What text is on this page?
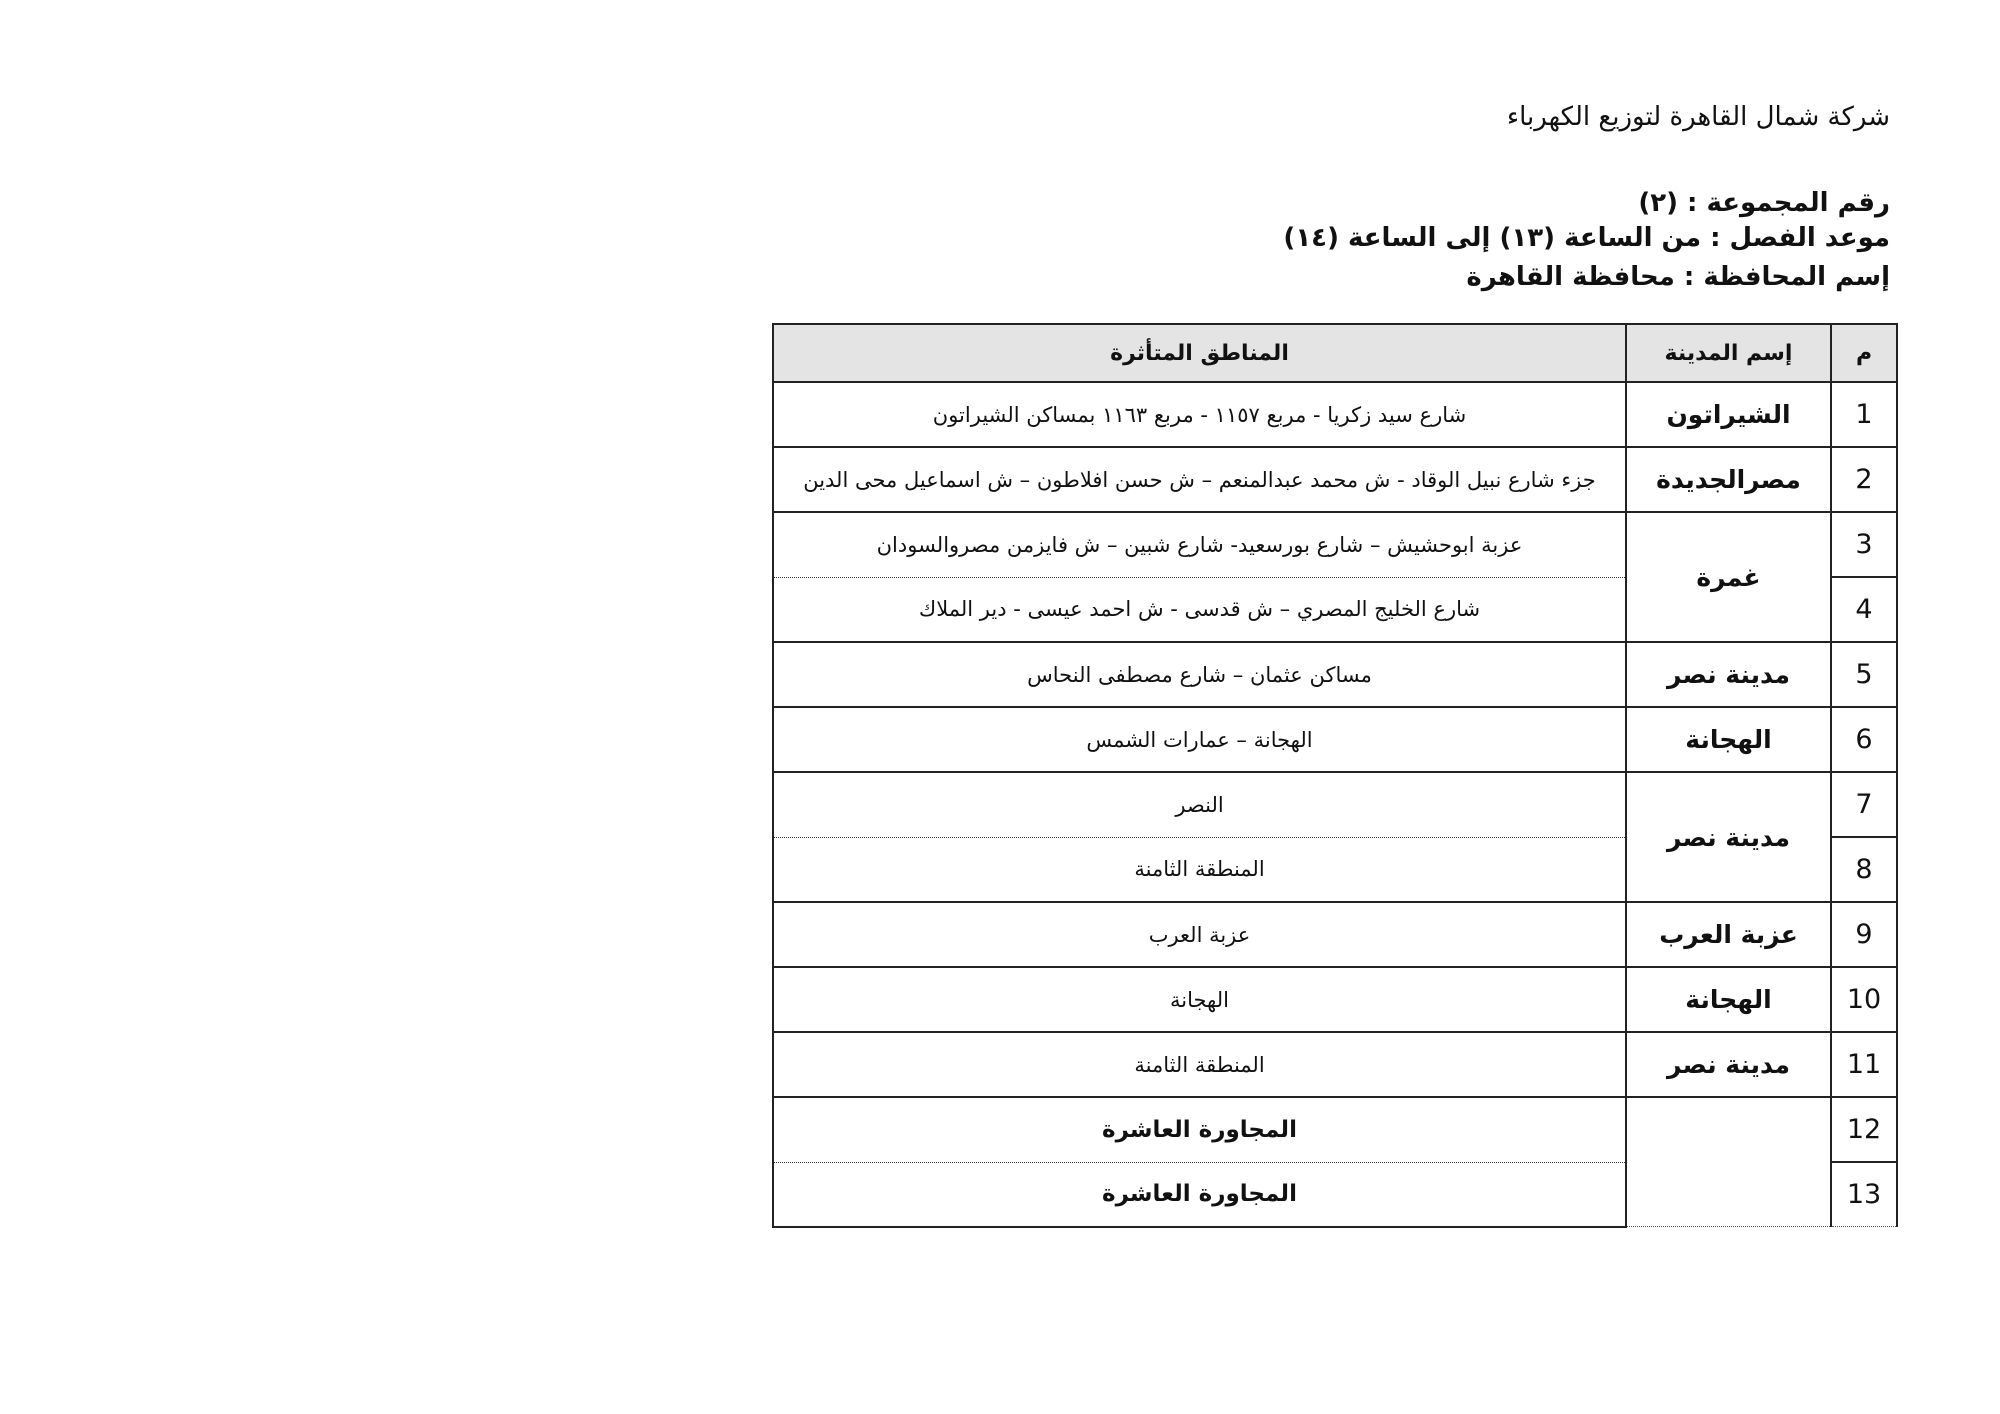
شركة شمال القاهرة لتوزيع الكهرباء
رقم المجموعة : (٢)
موعد الفصل : من الساعة (١٣) إلى الساعة (١٤)
إسم المحافظة : محافظة القاهرة
م	إسم المدينة	المناطق المتأثرة
1	الشيراتون	شارع سيد زكريا - مربع ١١٥٧ - مربع ١١٦٣ بمساكن الشيراتون
2	مصرالجديدة	جزء شارع نبيل الوقاد - ش محمد عبدالمنعم – ش حسن افلاطون – ش اسماعيل محى الدين
3	غمرة	عزبة ابوحشيش – شارع بورسعيد- شارع شبين – ش فايزمن مصروالسودان
4		شارع الخليج المصري – ش قدسى - ش احمد عيسى - دير الملاك
5	مدينة نصر	مساكن عثمان – شارع مصطفى النحاس
6	الهجانة	الهجانة – عمارات الشمس
7	مدينة نصر	النصر
8		المنطقة الثامنة
9	عزبة العرب	عزبة العرب
10	الهجانة	الهجانة
11	مدينة نصر	المنطقة الثامنة
12		المجاورة العاشرة
13		المجاورة العاشرة
